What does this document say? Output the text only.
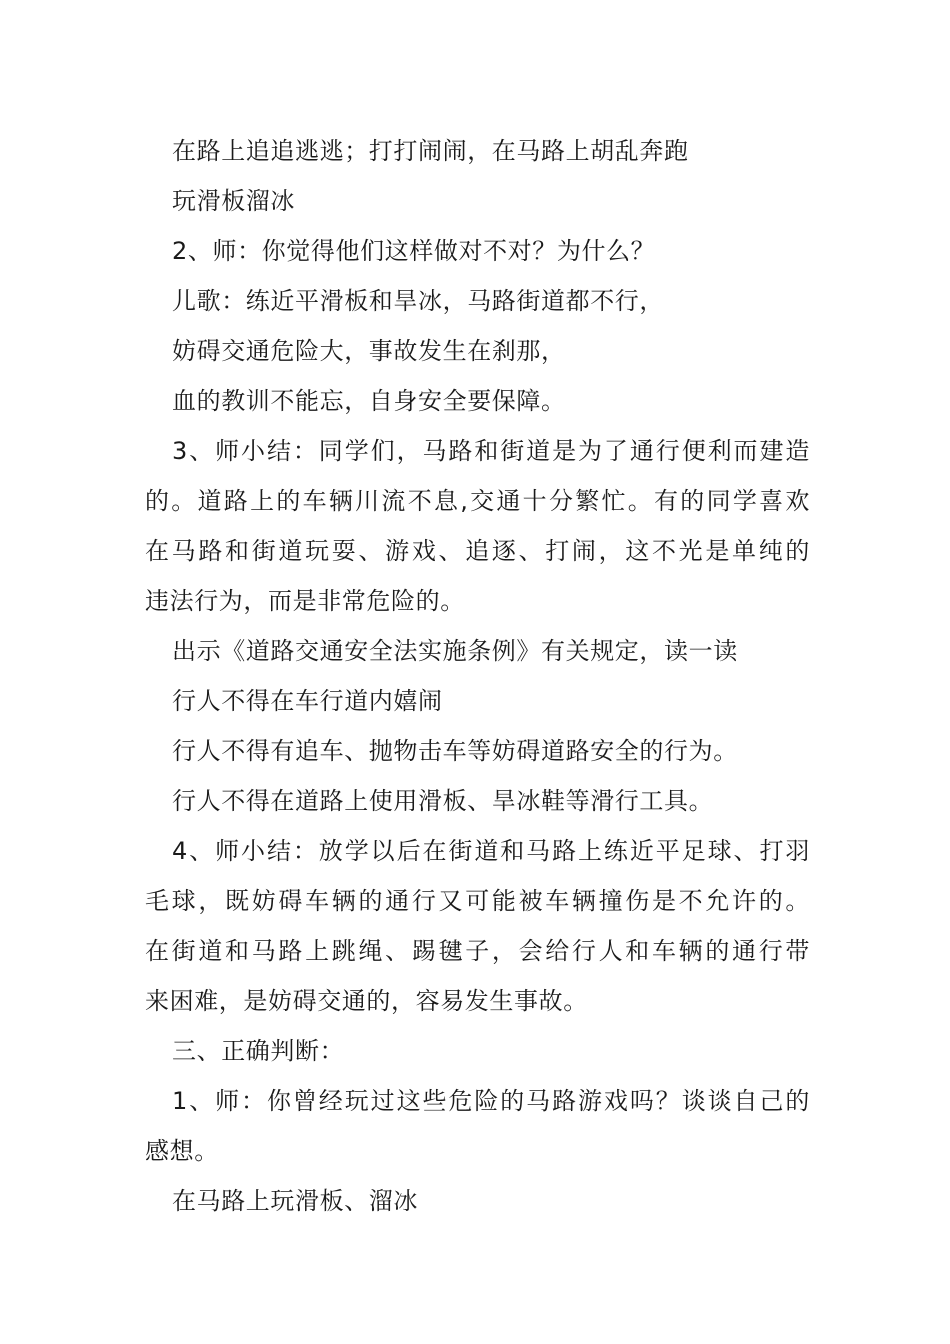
在路上追追逃逃；打打闹闹，在马路上胡乱奔跑
玩滑板溜冰
2、师：你觉得他们这样做对不对？为什么？
儿歌：练近平滑板和旱冰，马路街道都不行，
妨碍交通危险大，事故发生在刹那，
血的教训不能忘，自身安全要保障。
3、师小结：同学们，马路和街道是为了通行便利而建造
的。道路上的车辆川流不息,交通十分繁忙。有的同学喜欢
在马路和街道玩耍、游戏、追逐、打闹，这不光是单纯的
违法行为，而是非常危险的。
出示《道路交通安全法实施条例》有关规定，读一读
行人不得在车行道内嬉闹
行人不得有追车、抛物击车等妨碍道路安全的行为。
行人不得在道路上使用滑板、旱冰鞋等滑行工具。
4、师小结：放学以后在街道和马路上练近平足球、打羽
毛球，既妨碍车辆的通行又可能被车辆撞伤是不允许的。
在街道和马路上跳绳、踢毽子，会给行人和车辆的通行带
来困难，是妨碍交通的，容易发生事故。
三、正确判断：
1、师：你曾经玩过这些危险的马路游戏吗？谈谈自己的
感想。
在马路上玩滑板、溜冰
